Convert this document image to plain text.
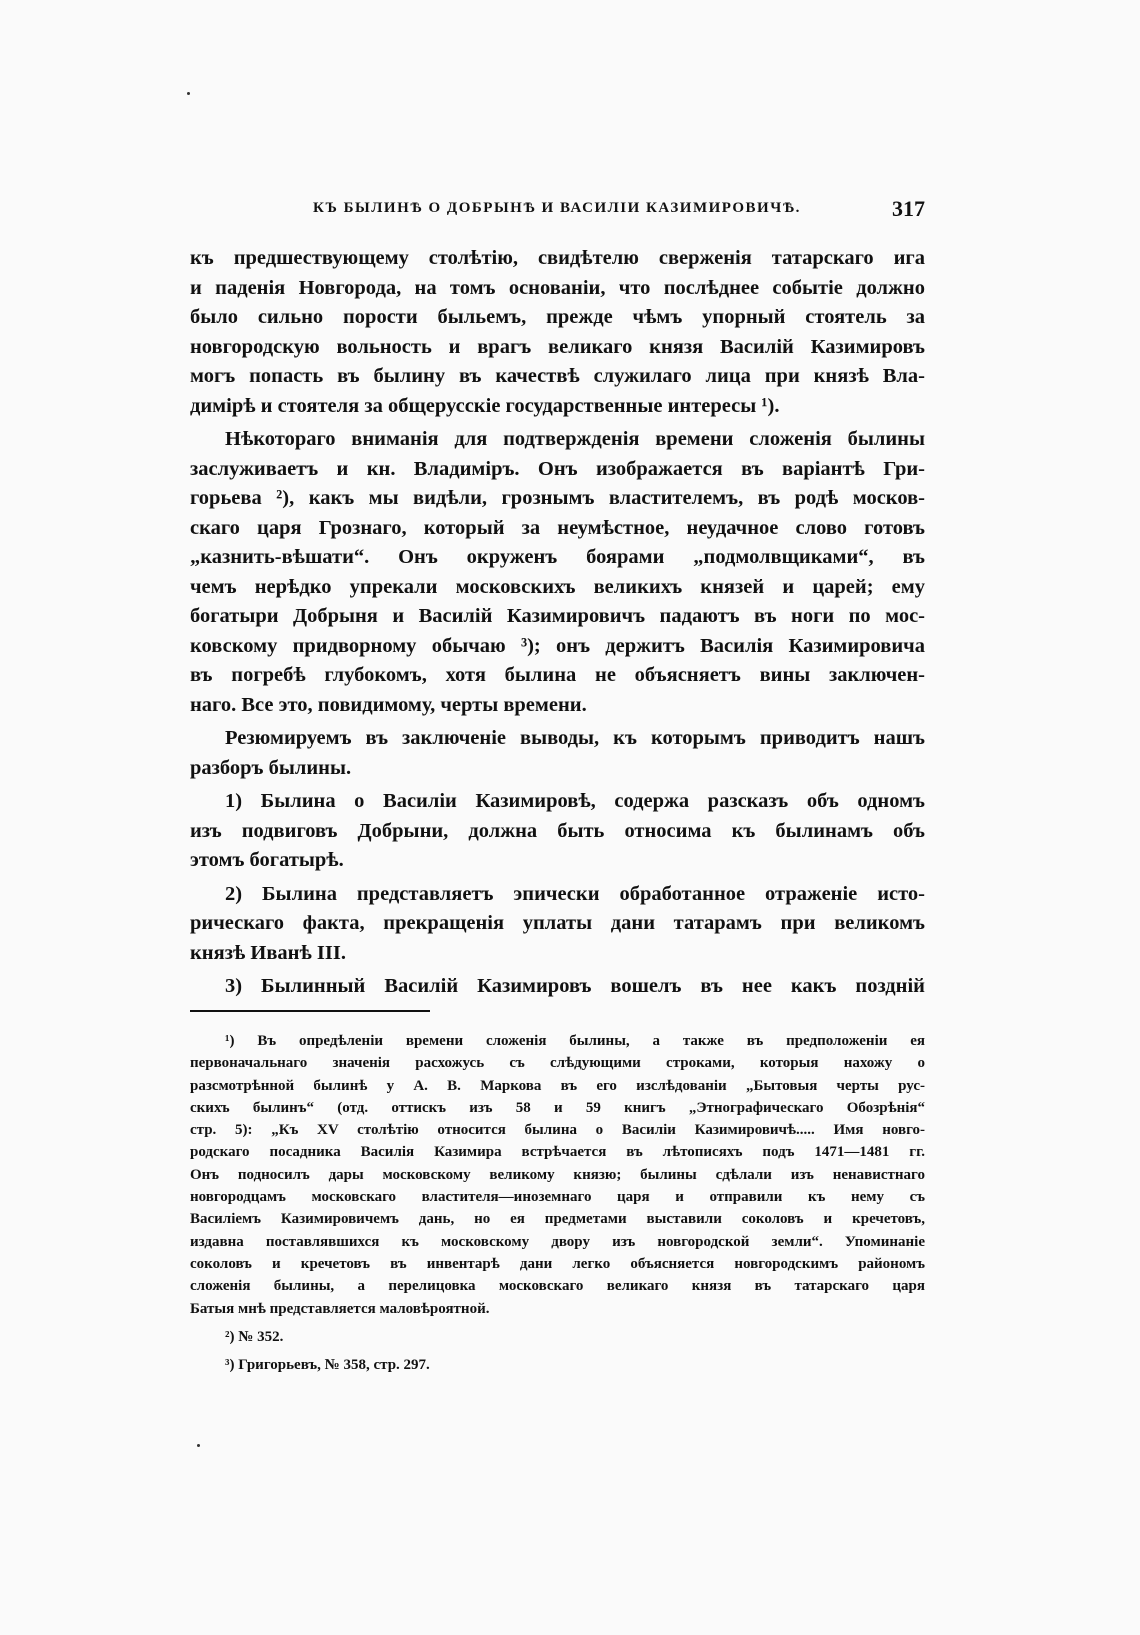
КЪ БЫЛИНѢ О ДОБРЫНѢ И ВАСИЛІИ КАЗИМИРОВИЧѢ.	317

къ предшествующему столѣтію, свидѣтелю сверженія татарскаго ига
и паденія Новгорода, на томъ основаніи, что послѣднее событіе должно
было сильно порости быльемъ, прежде чѣмъ упорный стоятель за
новгородскую вольность и врагъ великаго князя Василій Казимировъ
могъ попасть въ былину въ качествѣ служилаго лица при князѣ Вла-
димірѣ и стоятеля за общерусскіе государственные интересы ¹).

Нѣкотораго вниманія для подтвержденія времени сложенія былины
заслуживаетъ и кн. Владиміръ. Онъ изображается въ варіантѣ Гри-
горьева ²), какъ мы видѣли, грознымъ властителемъ, въ родѣ москов-
скаго царя Грознаго, который за неумѣстное, неудачное слово готовъ
„казнить-вѣшати“. Онъ окруженъ боярами „подмолвщиками“, въ
чемъ нерѣдко упрекали московскихъ великихъ князей и царей; ему
богатыри Добрыня и Василій Казимировичъ падаютъ въ ноги по мос-
ковскому придворному обычаю ³); онъ держитъ Василія Казимировича
въ погребѣ глубокомъ, хотя былина не объясняетъ вины заключен-
наго. Все это, повидимому, черты времени.

Резюмируемъ въ заключеніе выводы, къ которымъ приводитъ нашъ
разборъ былины.

1) Былина о Василіи Казимировѣ, содержа разсказъ объ одномъ
изъ подвиговъ Добрыни, должна быть относима къ былинамъ объ
этомъ богатырѣ.

2) Былина представляетъ эпически обработанное отраженіе исто-
рическаго факта, прекращенія уплаты дани татарамъ при великомъ
князѣ Иванѣ III.

3) Былинный Василій Казимировъ вошелъ въ нее какъ поздній

¹) Въ опредѣленіи времени сложенія былины, а также въ предположеніи ея
первоначальнаго значенія расхожусь съ слѣдующими строками, которыя нахожу о
разсмотрѣнной былинѣ у А. В. Маркова въ его изслѣдованіи „Бытовыя черты рус-
скихъ былинъ“ (отд. оттискъ изъ 58 и 59 книгъ „Этнографическаго Обозрѣнія“
стр. 5): „Къ XV столѣтію относится былина о Василіи Казимировичѣ..... Имя новго-
родскаго посадника Василія Казимира встрѣчается въ лѣтописяхъ подъ 1471—1481 гг.
Онъ подносилъ дары московскому великому князю; былины сдѣлали изъ ненавистнаго
новгородцамъ московскаго властителя—иноземнаго царя и отправили къ нему съ
Василіемъ Казимировичемъ дань, но ея предметами выставили соколовъ и кречетовъ,
издавна поставлявшихся къ московскому двору изъ новгородской земли“. Упоминаніе
соколовъ и кречетовъ въ инвентарѣ дани легко объясняется новгородскимъ райономъ
сложенія былины, а перелицовка московскаго великаго князя въ татарскаго царя
Батыя мнѣ представляется маловѣроятной.

²) № 352.

³) Григорьевъ, № 358, стр. 297.
